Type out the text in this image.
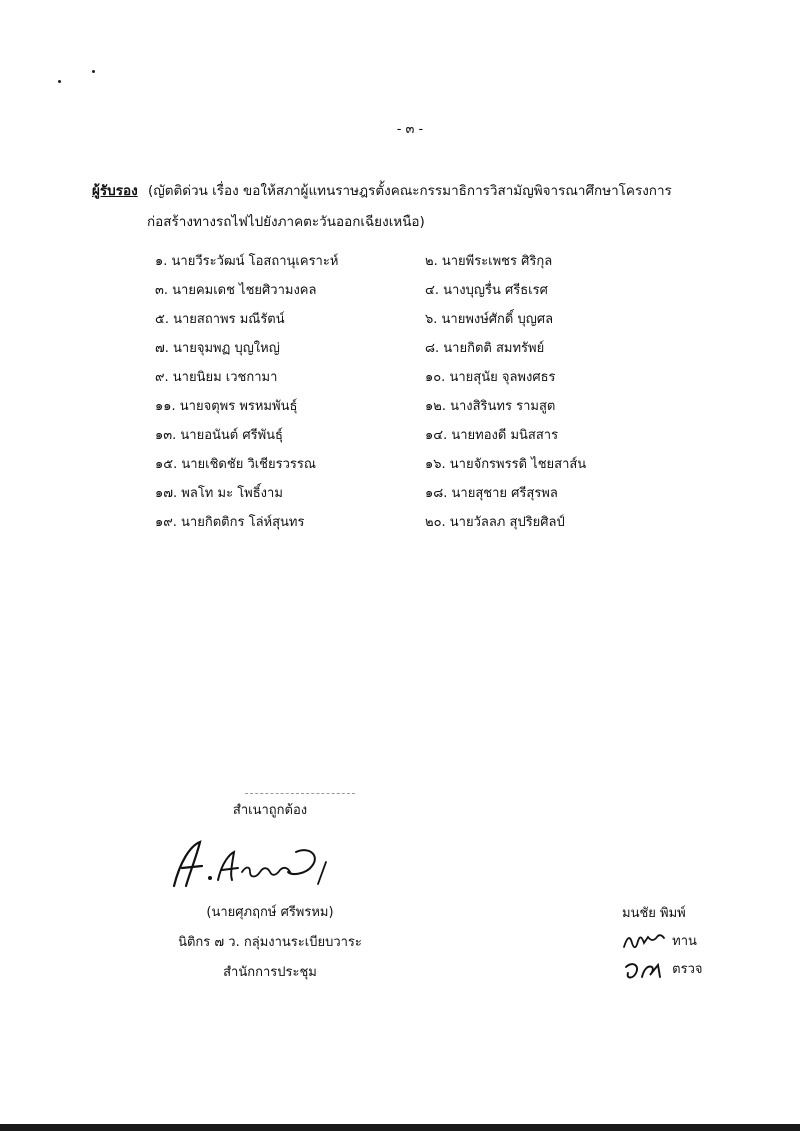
- ๓ -
ผู้รับรอง (ญัตติด่วน เรื่อง ขอให้สภาผู้แทนราษฎรตั้งคณะกรรมาธิการวิสามัญพิจารณาศึกษาโครงการ
ก่อสร้างทางรถไฟไปยังภาคตะวันออกเฉียงเหนือ)
๑. นายวีระวัฒน์ โอสถานุเคราะห์
๓. นายคมเดช ไชยศิวามงคล
๕. นายสถาพร มณีรัตน์
๗. นายจุมพฏ บุญใหญ่
๙. นายนิยม เวชกามา
๑๑. นายจตุพร พรหมพันธุ์
๑๓. นายอนันต์ ศรีพันธุ์
๑๕. นายเชิดชัย วิเชียรวรรณ
๑๗. พลโท มะ โพธิ์งาม
๑๙. นายกิตติกร โล่ห์สุนทร
๒. นายพีระเพชร ศิริกุล
๔. นางบุญรื่น ศรีธเรศ
๖. นายพงษ์ศักดิ์ บุญศล
๘. นายกิตติ สมทรัพย์
๑๐. นายสุนัย จุลพงศธร
๑๒. นางสิรินทร รามสูต
๑๔. นายทองดี มนิสสาร
๑๖. นายจักรพรรดิ ไชยสาส์น
๑๘. นายสุชาย ศรีสุรพล
๒๐. นายวัลลภ สุปริยศิลป์
สำเนาถูกต้อง
(นายศุภฤกษ์ ศรีพรหม)
นิติกร ๗ ว. กลุ่มงานระเบียบวาระ
สำนักการประชุม
มนชัย พิมพ์
ทาน
ตรวจ
